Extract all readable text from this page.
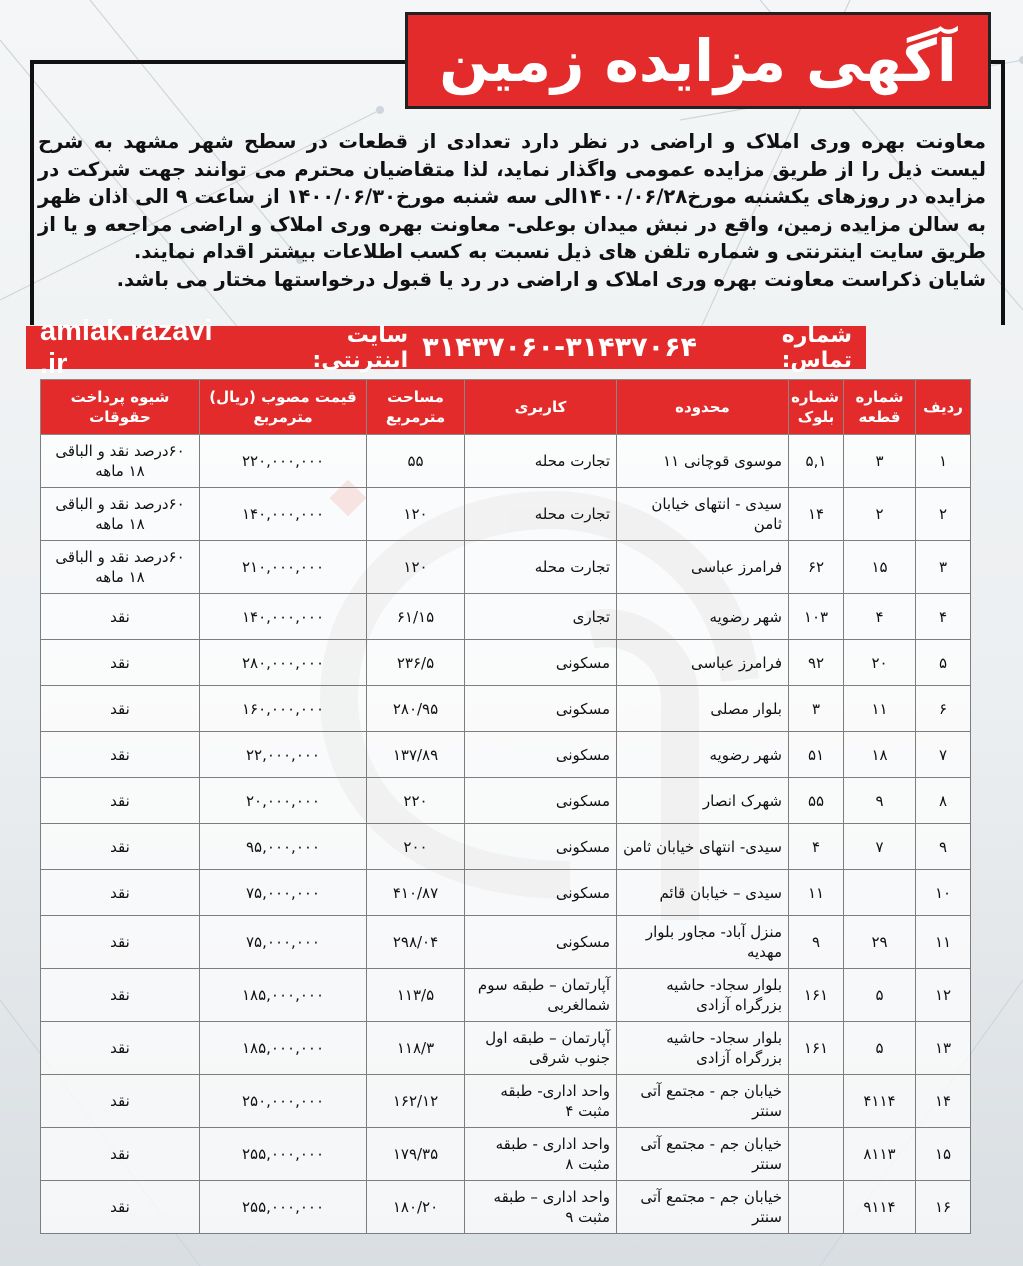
آگهی مزایده زمین

معاونت بهره وری املاک و اراضی در نظر دارد تعدادی از قطعات در سطح شهر مشهد به شرح لیست ذیل را از طریق مزایده عمومی واگذار نماید، لذا متقاضیان محترم می توانند جهت شرکت در مزایده در روزهای یکشنبه مورخ۱۴۰۰/۰۶/۲۸الی سه شنبه مورخ۱۴۰۰/۰۶/۳۰ از ساعت ۹ الی اذان ظهر به سالن مزایده زمین، واقع در نبش میدان بوعلی- معاونت بهره وری املاک و اراضی مراجعه و یا از طریق سایت اینترنتی و شماره تلفن های ذیل نسبت به کسب اطلاعات بیشتر اقدام نمایند.

شایان ذکراست معاونت بهره وری املاک و اراضی در رد یا قبول درخواستها مختار می باشد.

شماره تماس:
۳۱۴۳۷۰۶۰-۳۱۴۳۷۰۶۴
سایت اینترنتی:
amlak.razavi .ir
ردیف	شماره قطعه	شماره بلوک	محدوده	کاربری	مساحت مترمربع	قیمت مصوب (ریال) مترمربع	شیوه پرداخت حقوقات
۱	۳	۵,۱	موسوی قوچانی ۱۱	تجارت محله	۵۵	۲۲۰,۰۰۰,۰۰۰	۶۰درصد نقد و الباقی ۱۸ ماهه
۲	۲	۱۴	سیدی - انتهای خیابان ثامن	تجارت محله	۱۲۰	۱۴۰,۰۰۰,۰۰۰	۶۰درصد نقد و الباقی ۱۸ ماهه
۳	۱۵	۶۲	فرامرز عباسی	تجارت محله	۱۲۰	۲۱۰,۰۰۰,۰۰۰	۶۰درصد نقد و الباقی ۱۸ ماهه
۴	۴	۱۰۳	شهر رضویه	تجاری	۶۱/۱۵	۱۴۰,۰۰۰,۰۰۰	نقد
۵	۲۰	۹۲	فرامرز عباسی	مسکونی	۲۳۶/۵	۲۸۰,۰۰۰,۰۰۰	نقد
۶	۱۱	۳	بلوار مصلی	مسکونی	۲۸۰/۹۵	۱۶۰,۰۰۰,۰۰۰	نقد
۷	۱۸	۵۱	شهر رضویه	مسکونی	۱۳۷/۸۹	۲۲,۰۰۰,۰۰۰	نقد
۸	۹	۵۵	شهرک انصار	مسکونی	۲۲۰	۲۰,۰۰۰,۰۰۰	نقد
۹	۷	۴	سیدی- انتهای خیابان ثامن	مسکونی	۲۰۰	۹۵,۰۰۰,۰۰۰	نقد
۱۰		۱۱	سیدی – خیابان قائم	مسکونی	۴۱۰/۸۷	۷۵,۰۰۰,۰۰۰	نقد
۱۱	۲۹	۹	منزل آباد- مجاور بلوار مهدیه	مسکونی	۲۹۸/۰۴	۷۵,۰۰۰,۰۰۰	نقد
۱۲	۵	۱۶۱	بلوار سجاد- حاشیه بزرگراه آزادی	آپارتمان – طبقه سوم شمالغربی	۱۱۳/۵	۱۸۵,۰۰۰,۰۰۰	نقد
۱۳	۵	۱۶۱	بلوار سجاد- حاشیه بزرگراه آزادی	آپارتمان – طبقه اول جنوب شرقی	۱۱۸/۳	۱۸۵,۰۰۰,۰۰۰	نقد
۱۴	۴۱۱۴		خیابان جم - مجتمع آتی سنتر	واحد اداری- طبقه مثبت ۴	۱۶۲/۱۲	۲۵۰,۰۰۰,۰۰۰	نقد
۱۵	۸۱۱۳		خیابان جم - مجتمع آتی سنتر	واحد اداری - طبقه مثبت ۸	۱۷۹/۳۵	۲۵۵,۰۰۰,۰۰۰	نقد
۱۶	۹۱۱۴		خیابان جم - مجتمع آتی سنتر	واحد اداری – طبقه مثبت ۹	۱۸۰/۲۰	۲۵۵,۰۰۰,۰۰۰	نقد
